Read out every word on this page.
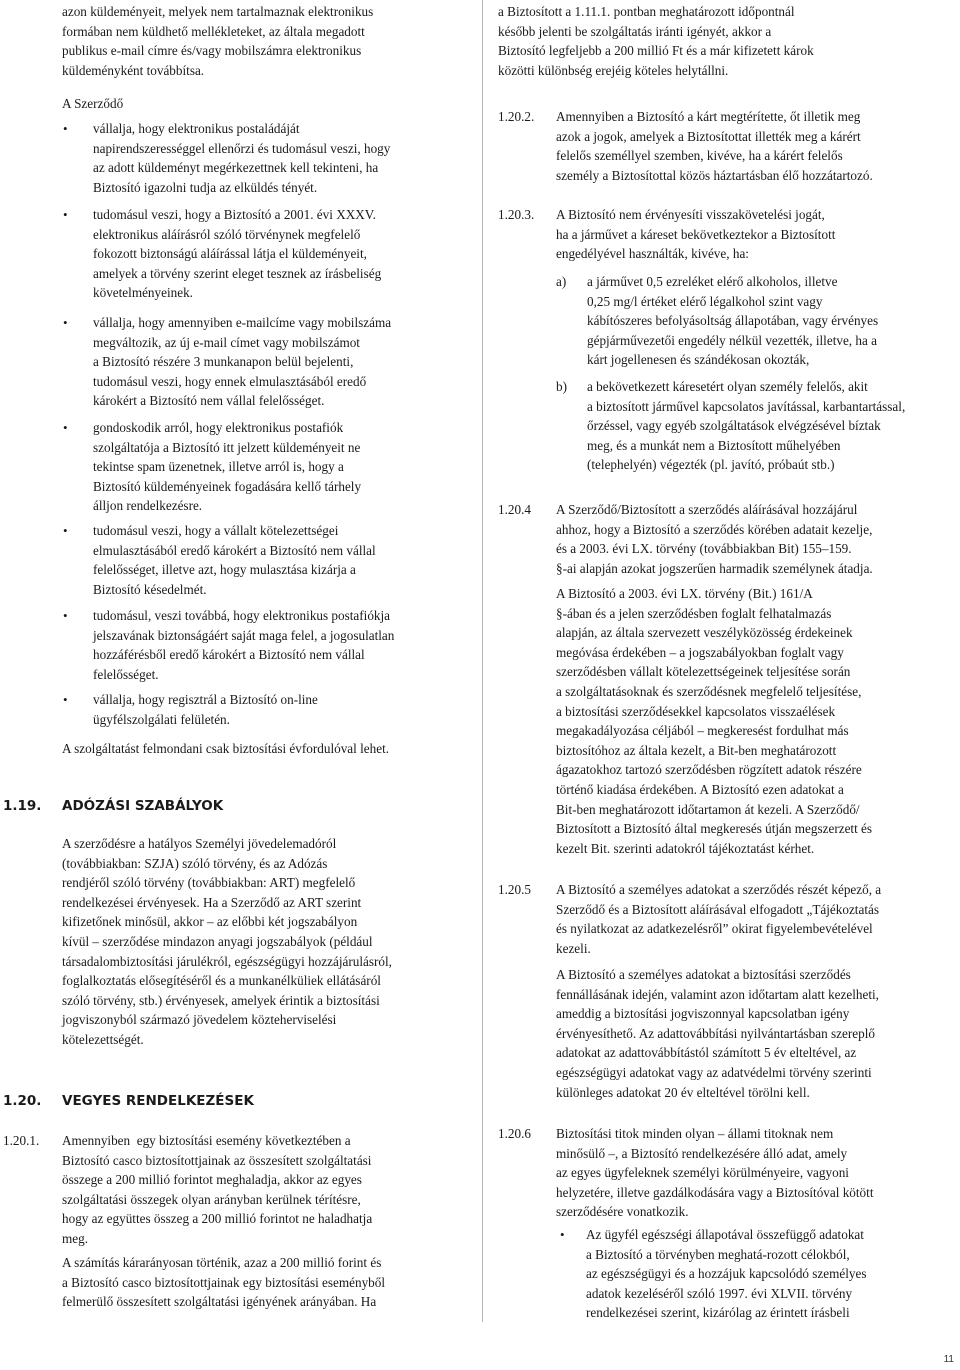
azon küldeményeit, melyek nem tartalmaznak elektronikus
formában nem küldhető mellékleteket, az általa megadott
publikus e-mail címre és/vagy mobilszámra elektronikus
küldeményként továbbítsa.

A Szerződő

• vállalja, hogy elektronikus postaládáját
napirendszerességgel ellenőrzi és tudomásul veszi, hogy
az adott küldeményt megérkezettnek kell tekinteni, ha
Biztosító igazolni tudja az elküldés tényét.

• tudomásul veszi, hogy a Biztosító a 2001. évi XXXV.
elektronikus aláírásról szóló törvénynek megfelelő
fokozott biztonságú aláírással látja el küldeményeit,
amelyek a törvény szerint eleget tesznek az írásbeliség
követelményeinek.

• vállalja, hogy amennyiben e-mailcíme vagy mobilszáma
megváltozik, az új e-mail címet vagy mobilszámot
a Biztosító részére 3 munkanapon belül bejelenti,
tudomásul veszi, hogy ennek elmulasztásából eredő
károkért a Biztosító nem vállal felelősséget.

• gondoskodik arról, hogy elektronikus postafiók
szolgáltatója a Biztosító itt jelzett küldeményeit ne
tekintse spam üzenetnek, illetve arról is, hogy a
Biztosító küldeményeinek fogadására kellő tárhely
álljon rendelkezésre.

• tudomásul veszi, hogy a vállalt kötelezettségei
elmulasztásából eredő károkért a Biztosító nem vállal
felelősséget, illetve azt, hogy mulasztása kizárja a
Biztosító késedelmét.

• tudomásul, veszi továbbá, hogy elektronikus postafiókja
jelszavának biztonságáért saját maga felel, a jogosulatlan
hozzáférésből eredő károkért a Biztosító nem vállal
felelősséget.

• vállalja, hogy regisztrál a Biztosító on-line
ügyfélszolgálati felületén.

A szolgáltatást felmondani csak biztosítási évfordulóval lehet.

1.19. ADÓZÁSI SZABÁLYOK

A szerződésre a hatályos Személyi jövedelemadóról
(továbbiakban: SZJA) szóló törvény, és az Adózás
rendjéről szóló törvény (továbbiakban: ART) megfelelő
rendelkezései érvényesek. Ha a Szerződő az ART szerint
kifizetőnek minősül, akkor – az előbbi két jogszabályon
kívül – szerződése mindazon anyagi jogszabályok (például
társadalombiztosítási járulékról, egészségügyi hozzájárulásról,
foglalkoztatás elősegítéséről és a munkanélküliek ellátásáról
szóló törvény, stb.) érvényesek, amelyek érintik a biztosítási
jogviszonyból származó jövedelem közteherviselési
kötelezettségét.

1.20. VEGYES RENDELKEZÉSEK
1.20.1. Amennyiben  egy biztosítási esemény következtében a
Biztosító casco biztosítottjainak az összesített szolgáltatási
összege a 200 millió forintot meghaladja, akkor az egyes
szolgáltatási összegek olyan arányban kerülnek térítésre,
hogy az együttes összeg a 200 millió forintot ne haladhatja
meg.

A számítás kárarányosan történik, azaz a 200 millió forint és
a Biztosító casco biztosítottjainak egy biztosítási eseményből
felmerülő összesített szolgáltatási igényének arányában. Ha

a Biztosított a 1.11.1. pontban meghatározott időpontnál
később jelenti be szolgáltatás iránti igényét, akkor a
Biztosító legfeljebb a 200 millió Ft és a már kifizetett károk
közötti különbség erejéig köteles helytállni.

1.20.2. Amennyiben a Biztosító a kárt megtérítette, őt illetik meg
azok a jogok, amelyek a Biztosítottat illették meg a kárért
felelős személlyel szemben, kivéve, ha a kárért felelős
személy a Biztosítottal közös háztartásban élő hozzátartozó.

1.20.3. A Biztosító nem érvényesíti visszakövetelési jogát,
ha a járművet a káreset bekövetkeztekor a Biztosított
engedélyével használták, kivéve, ha:

a) a járművet 0,5 ezreléket elérő alkoholos, illetve
0,25 mg/l értéket elérő légalkohol szint vagy
kábítószeres befolyásoltság állapotában, vagy érvényes
gépjárművezetői engedély nélkül vezették, illetve, ha a
kárt jogellenesen és szándékosan okozták,

b) a bekövetkezett káresetért olyan személy felelős, akit
a biztosított járművel kapcsolatos javítással, karbantartással,
őrzéssel, vagy egyéb szolgáltatások elvégzésével bíztak
meg, és a munkát nem a Biztosított műhelyében
(telephelyén) végezték (pl. javító, próbaút stb.)

1.20.4 A Szerződő/Biztosított a szerződés aláírásával hozzájárul
ahhoz, hogy a Biztosító a szerződés körében adatait kezelje,
és a 2003. évi LX. törvény (továbbiakban Bit) 155–159.
§-ai alapján azokat jogszerűen harmadik személynek átadja.

A Biztosító a 2003. évi LX. törvény (Bit.) 161/A
§-ában és a jelen szerződésben foglalt felhatalmazás
alapján, az általa szervezett veszélyközösség érdekeinek
megóvása érdekében – a jogszabályokban foglalt vagy
szerződésben vállalt kötelezettségeinek teljesítése során
a szolgáltatásoknak és szerződésnek megfelelő teljesítése,
a biztosítási szerződésekkel kapcsolatos visszaélések
megakadályozása céljából – megkeresést fordulhat más
biztosítóhoz az általa kezelt, a Bit-ben meghatározott
ágazatokhoz tartozó szerződésben rögzített adatok részére
történő kiadása érdekében. A Biztosító ezen adatokat a
Bit-ben meghatározott időtartamon át kezeli. A Szerződő/
Biztosított a Biztosító által megkeresés útján megszerzett és
kezelt Bit. szerinti adatokról tájékoztatást kérhet.

1.20.5 A Biztosító a személyes adatokat a szerződés részét képező, a
Szerződő és a Biztosított aláírásával elfogadott „Tájékoztatás
és nyilatkozat az adatkezelésről” okirat figyelembevételével
kezeli.

A Biztosító a személyes adatokat a biztosítási szerződés
fennállásának idején, valamint azon időtartam alatt kezelheti,
ameddig a biztosítási jogviszonnyal kapcsolatban igény
érvényesíthető. Az adattovábbítási nyilvántartásban szereplő
adatokat az adattovábbítástól számított 5 év elteltével, az
egészségügyi adatokat vagy az adatvédelmi törvény szerinti
különleges adatokat 20 év elteltével törölni kell.

1.20.6 Biztosítási titok minden olyan – állami titoknak nem
minősülő –, a Biztosító rendelkezésére álló adat, amely
az egyes ügyfeleknek személyi körülményeire, vagyoni
helyzetére, illetve gazdálkodására vagy a Biztosítóval kötött
szerződésére vonatkozik.

• Az ügyfél egészségi állapotával összefüggő adatokat
a Biztosító a törvényben meghatá-rozott célokból,
az egészségügyi és a hozzájuk kapcsolódó személyes
adatok kezeléséről szóló 1997. évi XLVII. törvény
rendelkezései szerint, kizárólag az érintett írásbeli

11
